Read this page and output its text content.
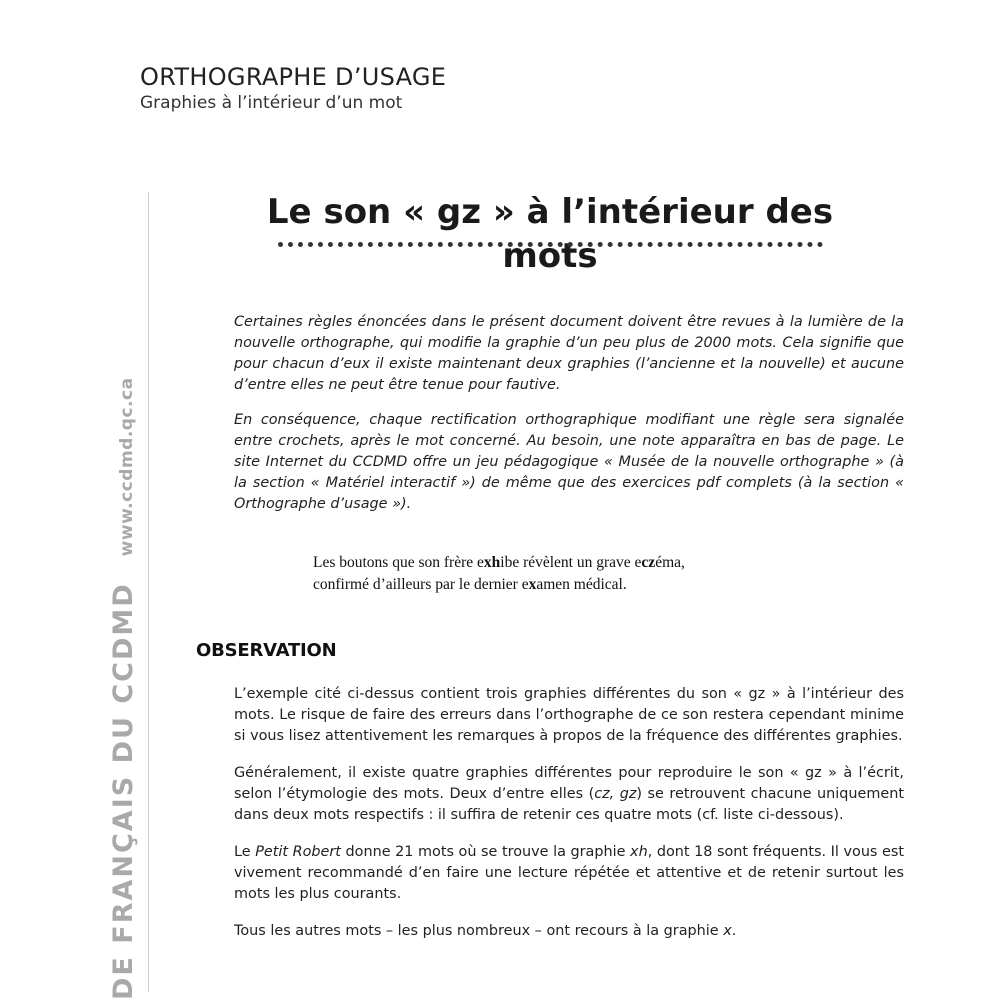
ORTHOGRAPHE D’USAGE
Graphies à l’intérieur d’un mot
DE FRANÇAIS DU CCDMDwww.ccdmd.qc.ca
Le son « gz » à l’intérieur des mots

Certaines règles énoncées dans le présent document doivent être revues à la lumière de la nouvelle orthographe, qui modifie la graphie d’un peu plus de 2000 mots. Cela signifie que pour chacun d’eux il existe maintenant deux graphies (l’ancienne et la nouvelle) et aucune d’entre elles ne peut être tenue pour fautive.

En conséquence, chaque rectification orthographique modifiant une règle sera signalée entre crochets, après le mot concerné. Au besoin, une note apparaîtra en bas de page. Le site Internet du CCDMD offre un jeu pédagogique « Musée de la nouvelle orthographe » (à la section « Matériel interactif ») de même que des exercices pdf complets (à la section « Orthographe d’usage »).

Les boutons que son frère exhibe révèlent un grave eczéma,
confirmé d’ailleurs par le dernier examen médical.
OBSERVATION

L’exemple cité ci-dessus contient trois graphies différentes du son « gz » à l’intérieur des mots. Le risque de faire des erreurs dans l’orthographe de ce son restera cependant minime si vous lisez attentivement les remarques à propos de la fréquence des différentes graphies.

Généralement, il existe quatre graphies différentes pour reproduire le son « gz » à l’écrit, selon l’étymologie des mots. Deux d’entre elles (cz, gz) se retrouvent chacune uniquement dans deux mots respectifs : il suffira de retenir ces quatre mots (cf. liste ci-dessous).

Le Petit Robert donne 21 mots où se trouve la graphie xh, dont 18 sont fréquents. Il vous est vivement recommandé d’en faire une lecture répétée et attentive et de retenir surtout les mots les plus courants.

Tous les autres mots – les plus nombreux – ont recours à la graphie x.
